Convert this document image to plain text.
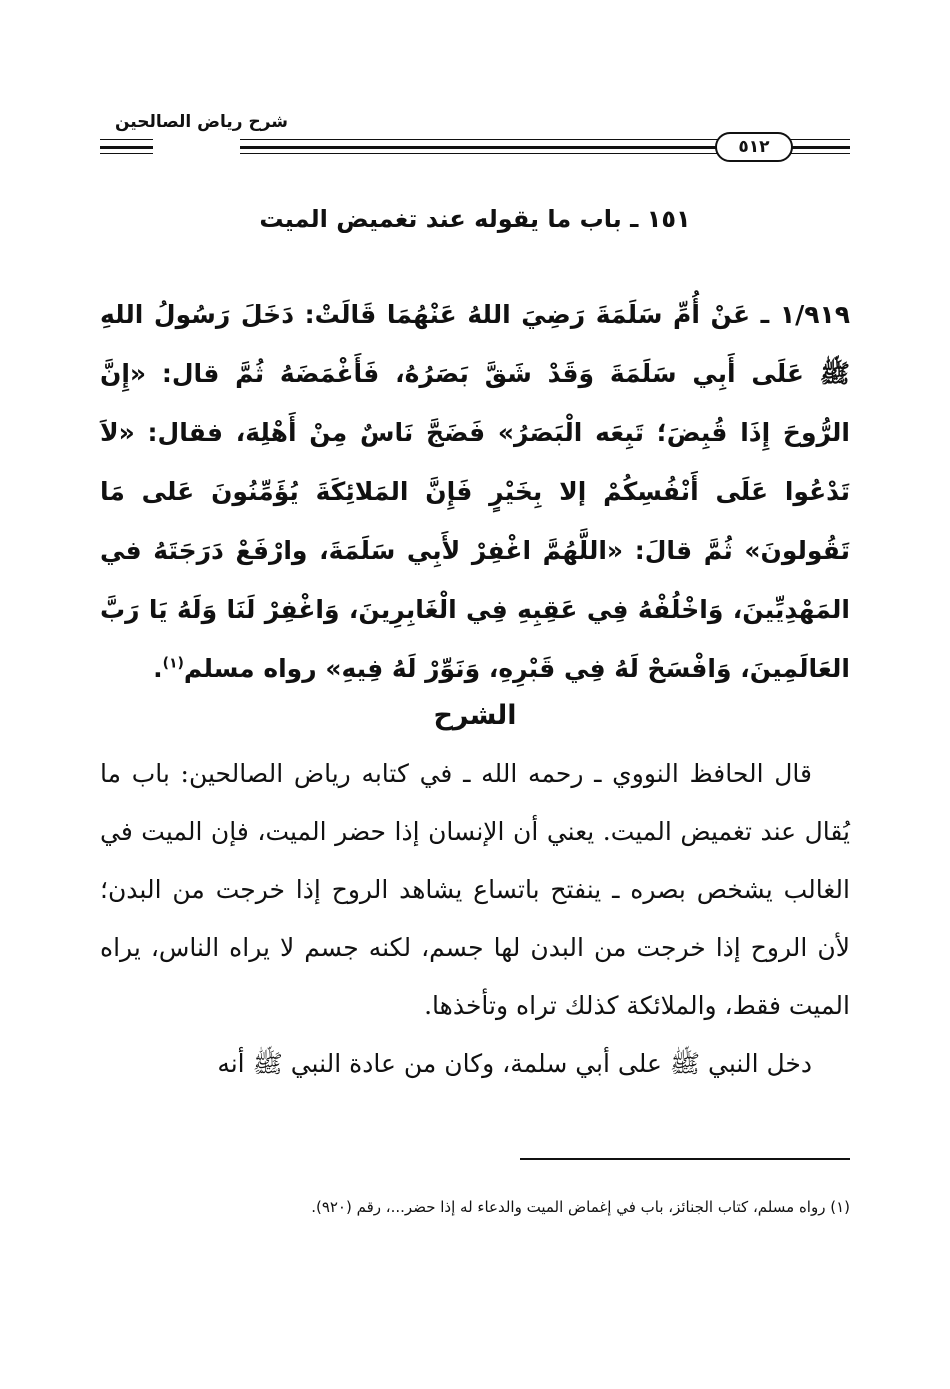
شرح رياض الصالحين
٥١٢
١٥١ ـ باب ما يقوله عند تغميض الميت
١/٩١٩ ـ عَنْ أُمِّ سَلَمَةَ رَضِيَ اللهُ عَنْهُمَا قَالَتْ: دَخَلَ رَسُولُ اللهِ ﷺ عَلَى أَبِي سَلَمَةَ وَقَدْ شَقَّ بَصَرُهُ، فَأَغْمَضَهُ ثُمَّ قال: «إِنَّ الرُّوحَ إِذَا قُبِضَ؛ تَبِعَه الْبَصَرُ» فَضَجَّ نَاسٌ مِنْ أَهْلِهَ، فقال: «لاَ تَدْعُوا عَلَى أَنْفُسِكُمْ إلا بِخَيْرٍ فَإِنَّ المَلائِكَةَ يُؤَمِّنُونَ عَلى مَا تَقُولونَ» ثُمَّ قالَ: «اللَّهُمَّ اغْفِرْ لأَبِي سَلَمَةَ، وارْفَعْ دَرَجَتَهُ في المَهْدِيِّينَ، وَاخْلُفْهُ فِي عَقِبِهِ فِي الْغَابِرِينَ، وَاغْفِرْ لَنَا وَلَهُ يَا رَبَّ العَالَمِينَ، وَافْسَحْ لَهُ فِي قَبْرِهِ، وَنَوِّرْ لَهُ فِيهِ» رواه مسلم$^{(١)}$.
الشرح

قال الحافظ النووي ـ رحمه الله ـ في كتابه رياض الصالحين: باب ما يُقال عند تغميض الميت. يعني أن الإنسان إذا حضر الميت، فإن الميت في الغالب يشخص بصره ـ ينفتح باتساع يشاهد الروح إذا خرجت من البدن؛ لأن الروح إذا خرجت من البدن لها جسم، لكنه جسم لا يراه الناس، يراه الميت فقط، والملائكة كذلك تراه وتأخذها.

دخل النبي ﷺ على أبي سلمة، وكان من عادة النبي ﷺ أنه

(١) رواه مسلم، كتاب الجنائز، باب في إغماض الميت والدعاء له إذا حضر...، رقم (٩٢٠).
